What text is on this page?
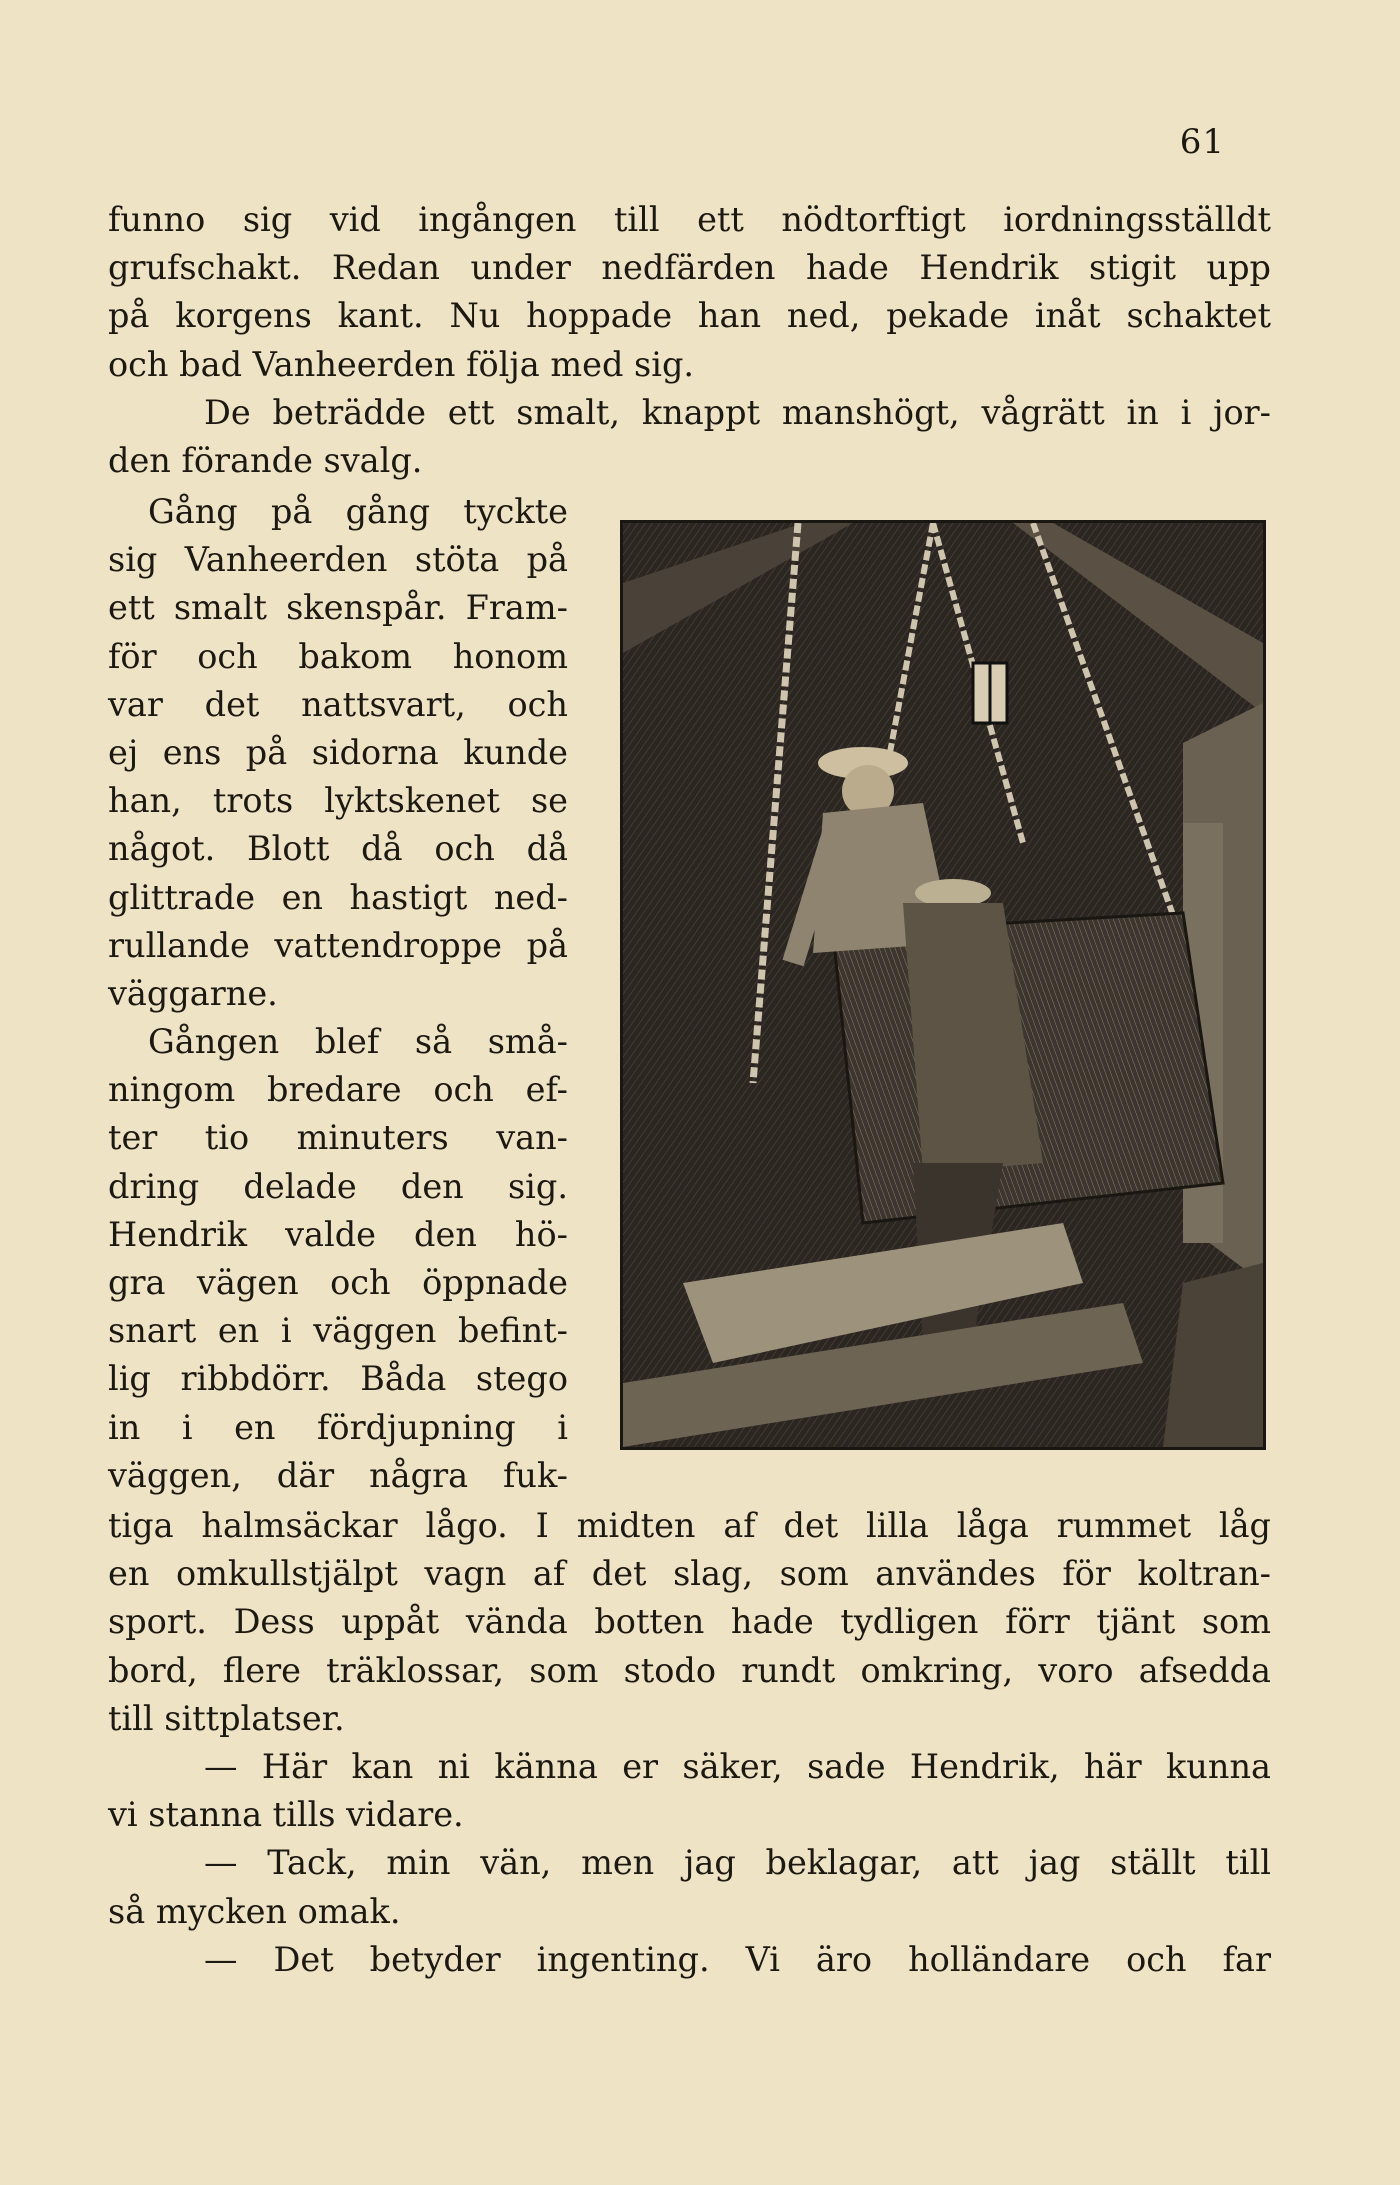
61
funno sig vid ingången till ett nödtorftigt iordningsställdt
grufschakt. Redan under nedfärden hade Hendrik stigit upp
på korgens kant. Nu hoppade han ned, pekade inåt schaktet
och bad Vanheerden följa med sig.
De beträdde ett smalt, knappt manshögt, vågrätt in i jor-
den förande svalg.
Gång på gång tyckte
sig Vanheerden stöta på
ett smalt skenspår. Fram-
för och bakom honom
var det nattsvart, och
ej ens på sidorna kunde
han, trots lyktskenet se
något. Blott då och då
glittrade en hastigt ned-
rullande vattendroppe på
väggarne.
Gången blef så små-
ningom bredare och ef-
ter tio minuters van-
dring delade den sig.
Hendrik valde den hö-
gra vägen och öppnade
snart en i väggen befint-
lig ribbdörr. Båda stego
in i en fördjupning i
väggen, där några fuk-
tiga halmsäckar lågo. I midten af det lilla låga rummet låg
en omkullstjälpt vagn af det slag, som användes för koltran-
sport. Dess uppåt vända botten hade tydligen förr tjänt som
bord, flere träklossar, som stodo rundt omkring, voro afsedda
till sittplatser.
— Här kan ni känna er säker, sade Hendrik, här kunna
vi stanna tills vidare.
— Tack, min vän, men jag beklagar, att jag ställt till
så mycken omak.
— Det betyder ingenting. Vi äro holländare och far
